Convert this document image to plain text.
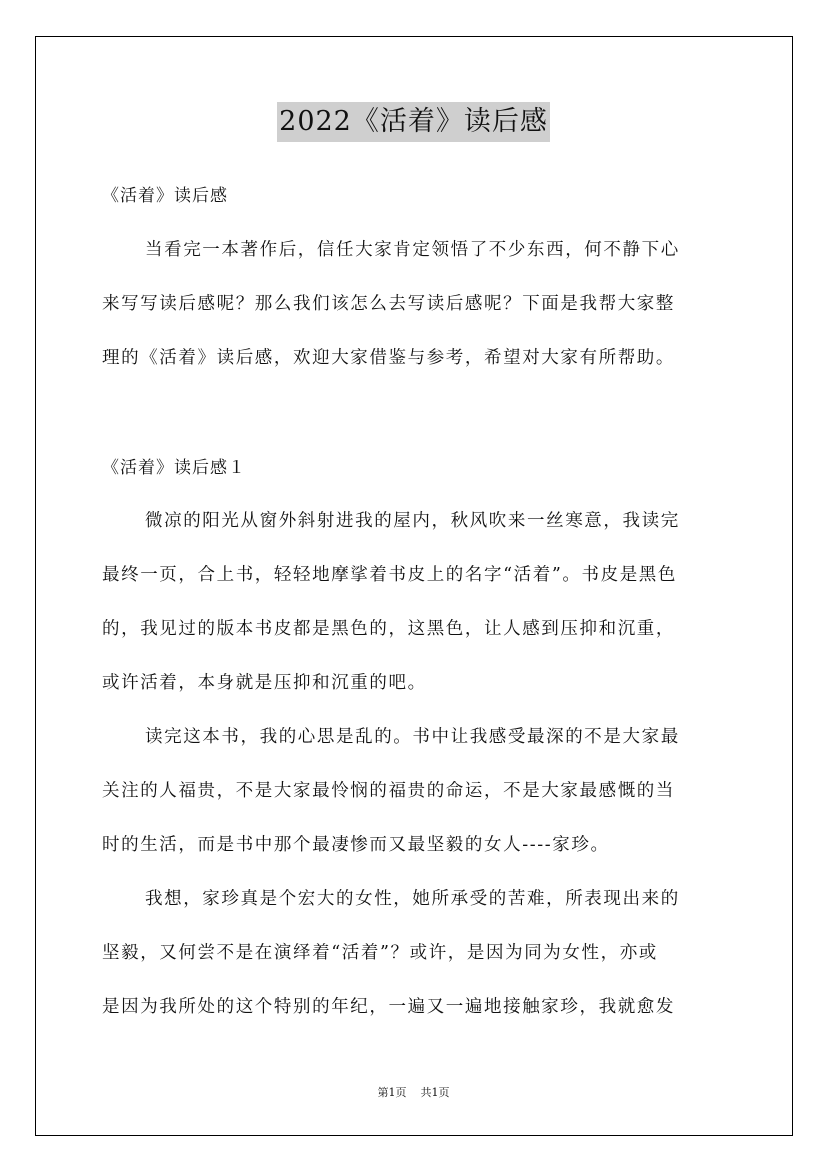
2022《活着》读后感
《活着》读后感
当看完一本著作后，信任大家肯定领悟了不少东西，何不静下心
来写写读后感呢？那么我们该怎么去写读后感呢？下面是我帮大家整
理的《活着》读后感，欢迎大家借鉴与参考，希望对大家有所帮助。
《活着》读后感１
微凉的阳光从窗外斜射进我的屋内，秋风吹来一丝寒意，我读完
最终一页，合上书，轻轻地摩挲着书皮上的名字“活着”。书皮是黑色
的，我见过的版本书皮都是黑色的，这黑色，让人感到压抑和沉重，
或许活着，本身就是压抑和沉重的吧。
读完这本书，我的心思是乱的。书中让我感受最深的不是大家最
关注的人福贵，不是大家最怜悯的福贵的命运，不是大家最感慨的当
时的生活，而是书中那个最凄惨而又最坚毅的女人----家珍。
我想，家珍真是个宏大的女性，她所承受的苦难，所表现出来的
坚毅，又何尝不是在演绎着“活着”？或许，是因为同为女性，亦或
是因为我所处的这个特别的年纪，一遍又一遍地接触家珍，我就愈发
第1页 共1页
